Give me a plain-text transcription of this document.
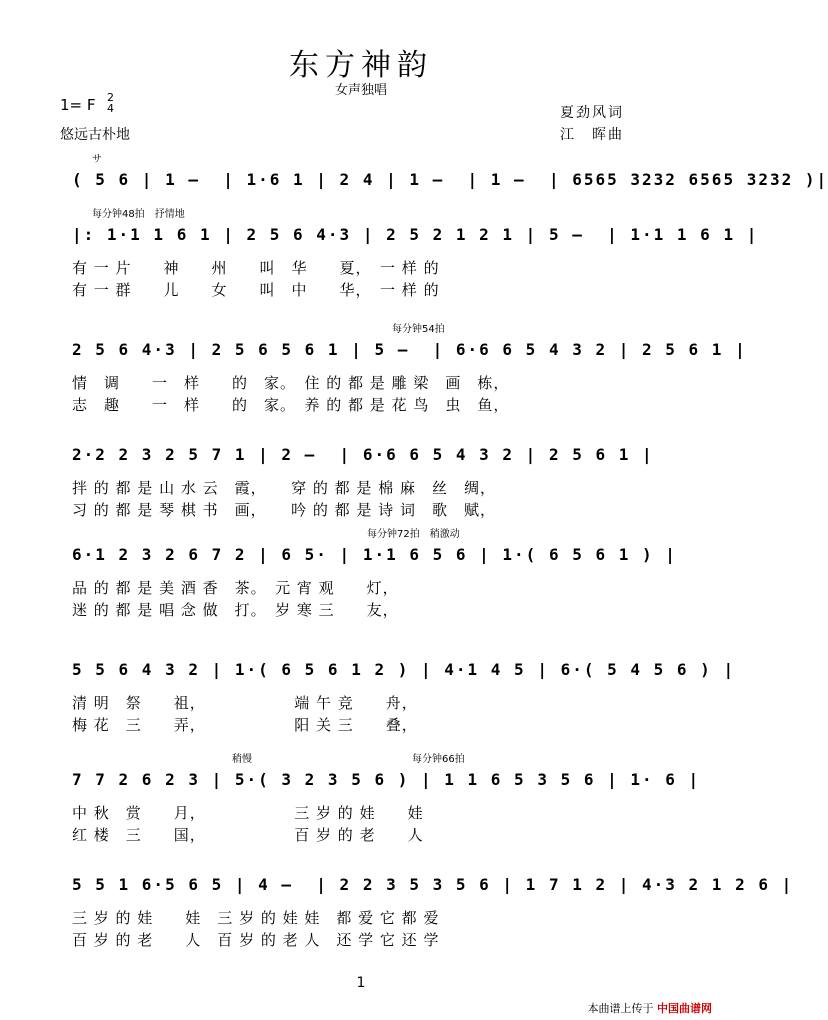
东方神韵
女声独唱
1= F 2
4
悠远古朴地
夏劲风词
江　晖曲
サ
( 5 6 | 1 –  | 1·6 1 | 2 4 | 1 –  | 1 –  | 6565 3232 6565 3232 )|
每分钟48拍　抒情地
|: 1·1 1 6 1 | 2 5 6 4·3 | 2 5 2 1 2 1 | 5 –  | 1·1 1 6 1 |
有 一 片　　神　　州　　叫　华　　夏，　一 样 的
有 一 群　　儿　　女　　叫　中　　华，　一 样 的
每分钟54拍
2 5 6 4·3 | 2 5 6 5 6 1 | 5 –  | 6·6 6 5 4 3 2 | 2 5 6 1 |
情　调　　一　样　　的　家。　住 的 都 是 雕 梁　画　栋，
志　趣　　一　样　　的　家。　养 的 都 是 花 鸟　虫　鱼，
2·2 2 3 2 5 7 1 | 2 –  | 6·6 6 5 4 3 2 | 2 5 6 1 |
拌 的 都 是 山 水 云　霞，　　穿 的 都 是 棉 麻　丝　绸，
习 的 都 是 琴 棋 书　画，　　吟 的 都 是 诗 词　歌　赋，
每分钟72拍　稍激动
6·1 2 3 2 6 7 2 | 6 5· | 1·1 6 5 6 | 1·( 6 5 6 1 ) |
品 的 都 是 美 酒 香　茶。　元 宵 观　　灯，
迷 的 都 是 唱 念 做　打。　岁 寒 三　　友，
5 5 6 4 3 2 | 1·( 6 5 6 1 2 ) | 4·1 4 5 | 6·( 5 4 5 6 ) |
清 明　祭　　祖，　　　　　　端 午 竞　　舟，
梅 花　三　　弄，　　　　　　阳 关 三　　叠，
稍慢	每分钟66拍
7 7 2 6 2 3 | 5·( 3 2 3 5 6 ) | 1 1 6 5 3 5 6 | 1· 6 |
中 秋　赏　　月，　　　　　　三 岁 的 娃　　娃
红 楼　三　　国，　　　　　　百 岁 的 老　　人
5 5 1 6·5 6 5 | 4 –  | 2 2 3 5 3 5 6 | 1 7 1 2 | 4·3 2 1 2 6 |
三 岁 的 娃　　娃　三 岁 的 娃 娃　都 爱 它 都 爱
百 岁 的 老　　人　百 岁 的 老 人　还 学 它 还 学
1
本曲谱上传于 中国曲谱网
